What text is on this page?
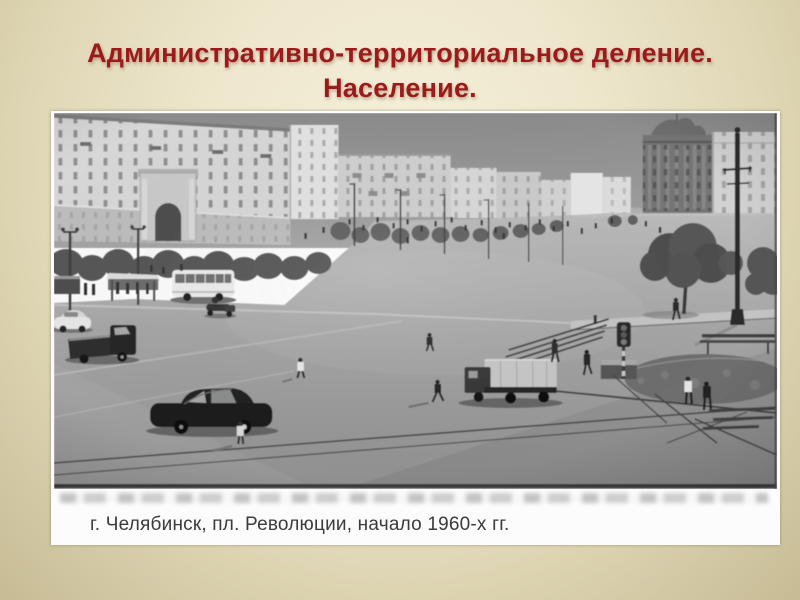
Административно-территориальное деление.
Население.
г. Челябинск, пл. Революции, начало 1960-х гг.
